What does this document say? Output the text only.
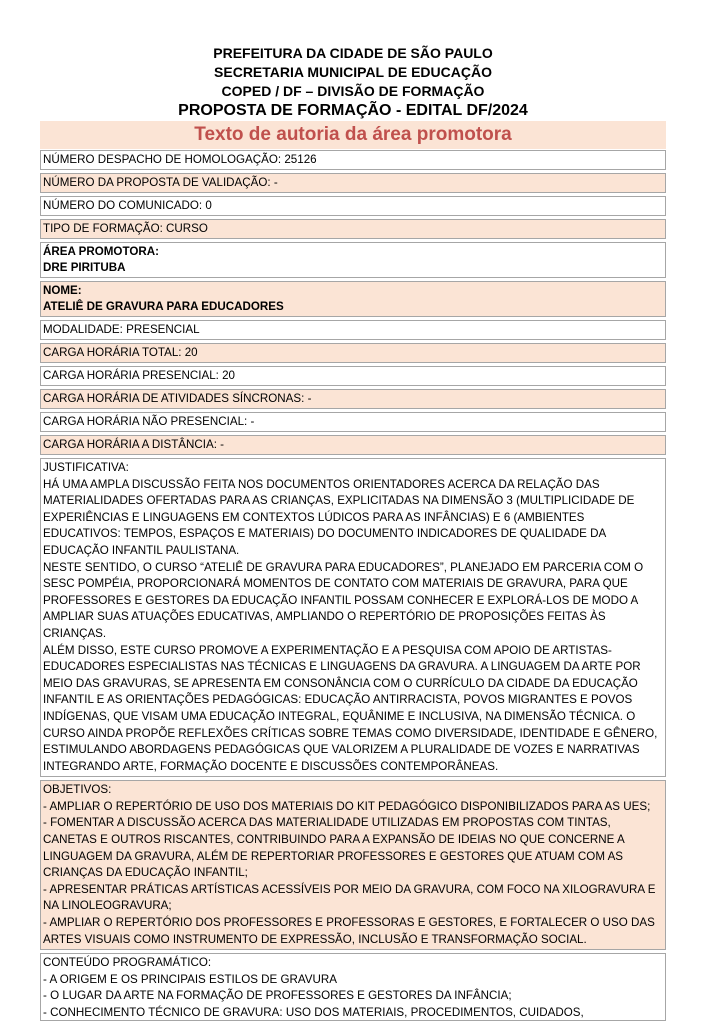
PREFEITURA DA CIDADE DE SÃO PAULO
SECRETARIA MUNICIPAL DE EDUCAÇÃO
COPED / DF – DIVISÃO DE FORMAÇÃO
PROPOSTA DE FORMAÇÃO - EDITAL DF/2024
Texto de autoria da área promotora
NÚMERO DESPACHO DE HOMOLOGAÇÃO: 25126
NÚMERO DA PROPOSTA DE VALIDAÇÃO: -
NÚMERO DO COMUNICADO: 0
TIPO DE FORMAÇÃO: CURSO
ÁREA PROMOTORA:
DRE PIRITUBA
NOME:
ATELIÊ DE GRAVURA PARA EDUCADORES
MODALIDADE: PRESENCIAL
CARGA HORÁRIA TOTAL: 20
CARGA HORÁRIA PRESENCIAL: 20
CARGA HORÁRIA DE ATIVIDADES SÍNCRONAS: -
CARGA HORÁRIA NÃO PRESENCIAL: -
CARGA HORÁRIA A DISTÂNCIA: -

JUSTIFICATIVA:

HÁ UMA AMPLA DISCUSSÃO FEITA NOS DOCUMENTOS ORIENTADORES ACERCA DA RELAÇÃO DAS MATERIALIDADES OFERTADAS PARA AS CRIANÇAS, EXPLICITADAS NA DIMENSÃO 3 (MULTIPLICIDADE DE EXPERIÊNCIAS E LINGUAGENS EM CONTEXTOS LÚDICOS PARA AS INFÂNCIAS) E 6 (AMBIENTES EDUCATIVOS: TEMPOS, ESPAÇOS E MATERIAIS) DO DOCUMENTO INDICADORES DE QUALIDADE DA EDUCAÇÃO INFANTIL PAULISTANA.

NESTE SENTIDO, O CURSO “ATELIÊ DE GRAVURA PARA EDUCADORES”, PLANEJADO EM PARCERIA COM O SESC POMPÉIA, PROPORCIONARÁ MOMENTOS DE CONTATO COM MATERIAIS DE GRAVURA, PARA QUE PROFESSORES E GESTORES DA EDUCAÇÃO INFANTIL POSSAM CONHECER E EXPLORÁ-LOS DE MODO A AMPLIAR SUAS ATUAÇÕES EDUCATIVAS, AMPLIANDO O REPERTÓRIO DE PROPOSIÇÕES FEITAS ÀS CRIANÇAS.

ALÉM DISSO, ESTE CURSO PROMOVE A EXPERIMENTAÇÃO E A PESQUISA COM APOIO DE ARTISTAS-EDUCADORES ESPECIALISTAS NAS TÉCNICAS E LINGUAGENS DA GRAVURA. A LINGUAGEM DA ARTE POR MEIO DAS GRAVURAS, SE APRESENTA EM CONSONÂNCIA COM O CURRÍCULO DA CIDADE DA EDUCAÇÃO INFANTIL E AS ORIENTAÇÕES PEDAGÓGICAS: EDUCAÇÃO ANTIRRACISTA, POVOS MIGRANTES E POVOS INDÍGENAS, QUE VISAM UMA EDUCAÇÃO INTEGRAL, EQUÂNIME E INCLUSIVA, NA DIMENSÃO TÉCNICA. O CURSO AINDA PROPÕE REFLEXÕES CRÍTICAS SOBRE TEMAS COMO DIVERSIDADE, IDENTIDADE E GÊNERO, ESTIMULANDO ABORDAGENS PEDAGÓGICAS QUE VALORIZEM A PLURALIDADE DE VOZES E NARRATIVAS INTEGRANDO ARTE, FORMAÇÃO DOCENTE E DISCUSSÕES CONTEMPORÂNEAS.

OBJETIVOS:

- AMPLIAR O REPERTÓRIO DE USO DOS MATERIAIS DO KIT PEDAGÓGICO DISPONIBILIZADOS PARA AS UES;

- FOMENTAR A DISCUSSÃO ACERCA DAS MATERIALIDADE UTILIZADAS EM PROPOSTAS COM TINTAS, CANETAS E OUTROS RISCANTES, CONTRIBUINDO PARA A EXPANSÃO DE IDEIAS NO QUE CONCERNE A LINGUAGEM DA GRAVURA, ALÉM DE REPERTORIAR PROFESSORES E GESTORES QUE ATUAM COM AS CRIANÇAS DA EDUCAÇÃO INFANTIL;

- APRESENTAR PRÁTICAS ARTÍSTICAS ACESSÍVEIS POR MEIO DA GRAVURA, COM FOCO NA XILOGRAVURA E NA LINOLEOGRAVURA;

- AMPLIAR O REPERTÓRIO DOS PROFESSORES E PROFESSORAS E GESTORES, E FORTALECER O USO DAS ARTES VISUAIS COMO INSTRUMENTO DE EXPRESSÃO, INCLUSÃO E TRANSFORMAÇÃO SOCIAL.

CONTEÚDO PROGRAMÁTICO:

- A ORIGEM E OS PRINCIPAIS ESTILOS DE GRAVURA

- O LUGAR DA ARTE NA FORMAÇÃO DE PROFESSORES E GESTORES DA INFÂNCIA;

- CONHECIMENTO TÉCNICO DE GRAVURA: USO DOS MATERIAIS, PROCEDIMENTOS, CUIDADOS,
